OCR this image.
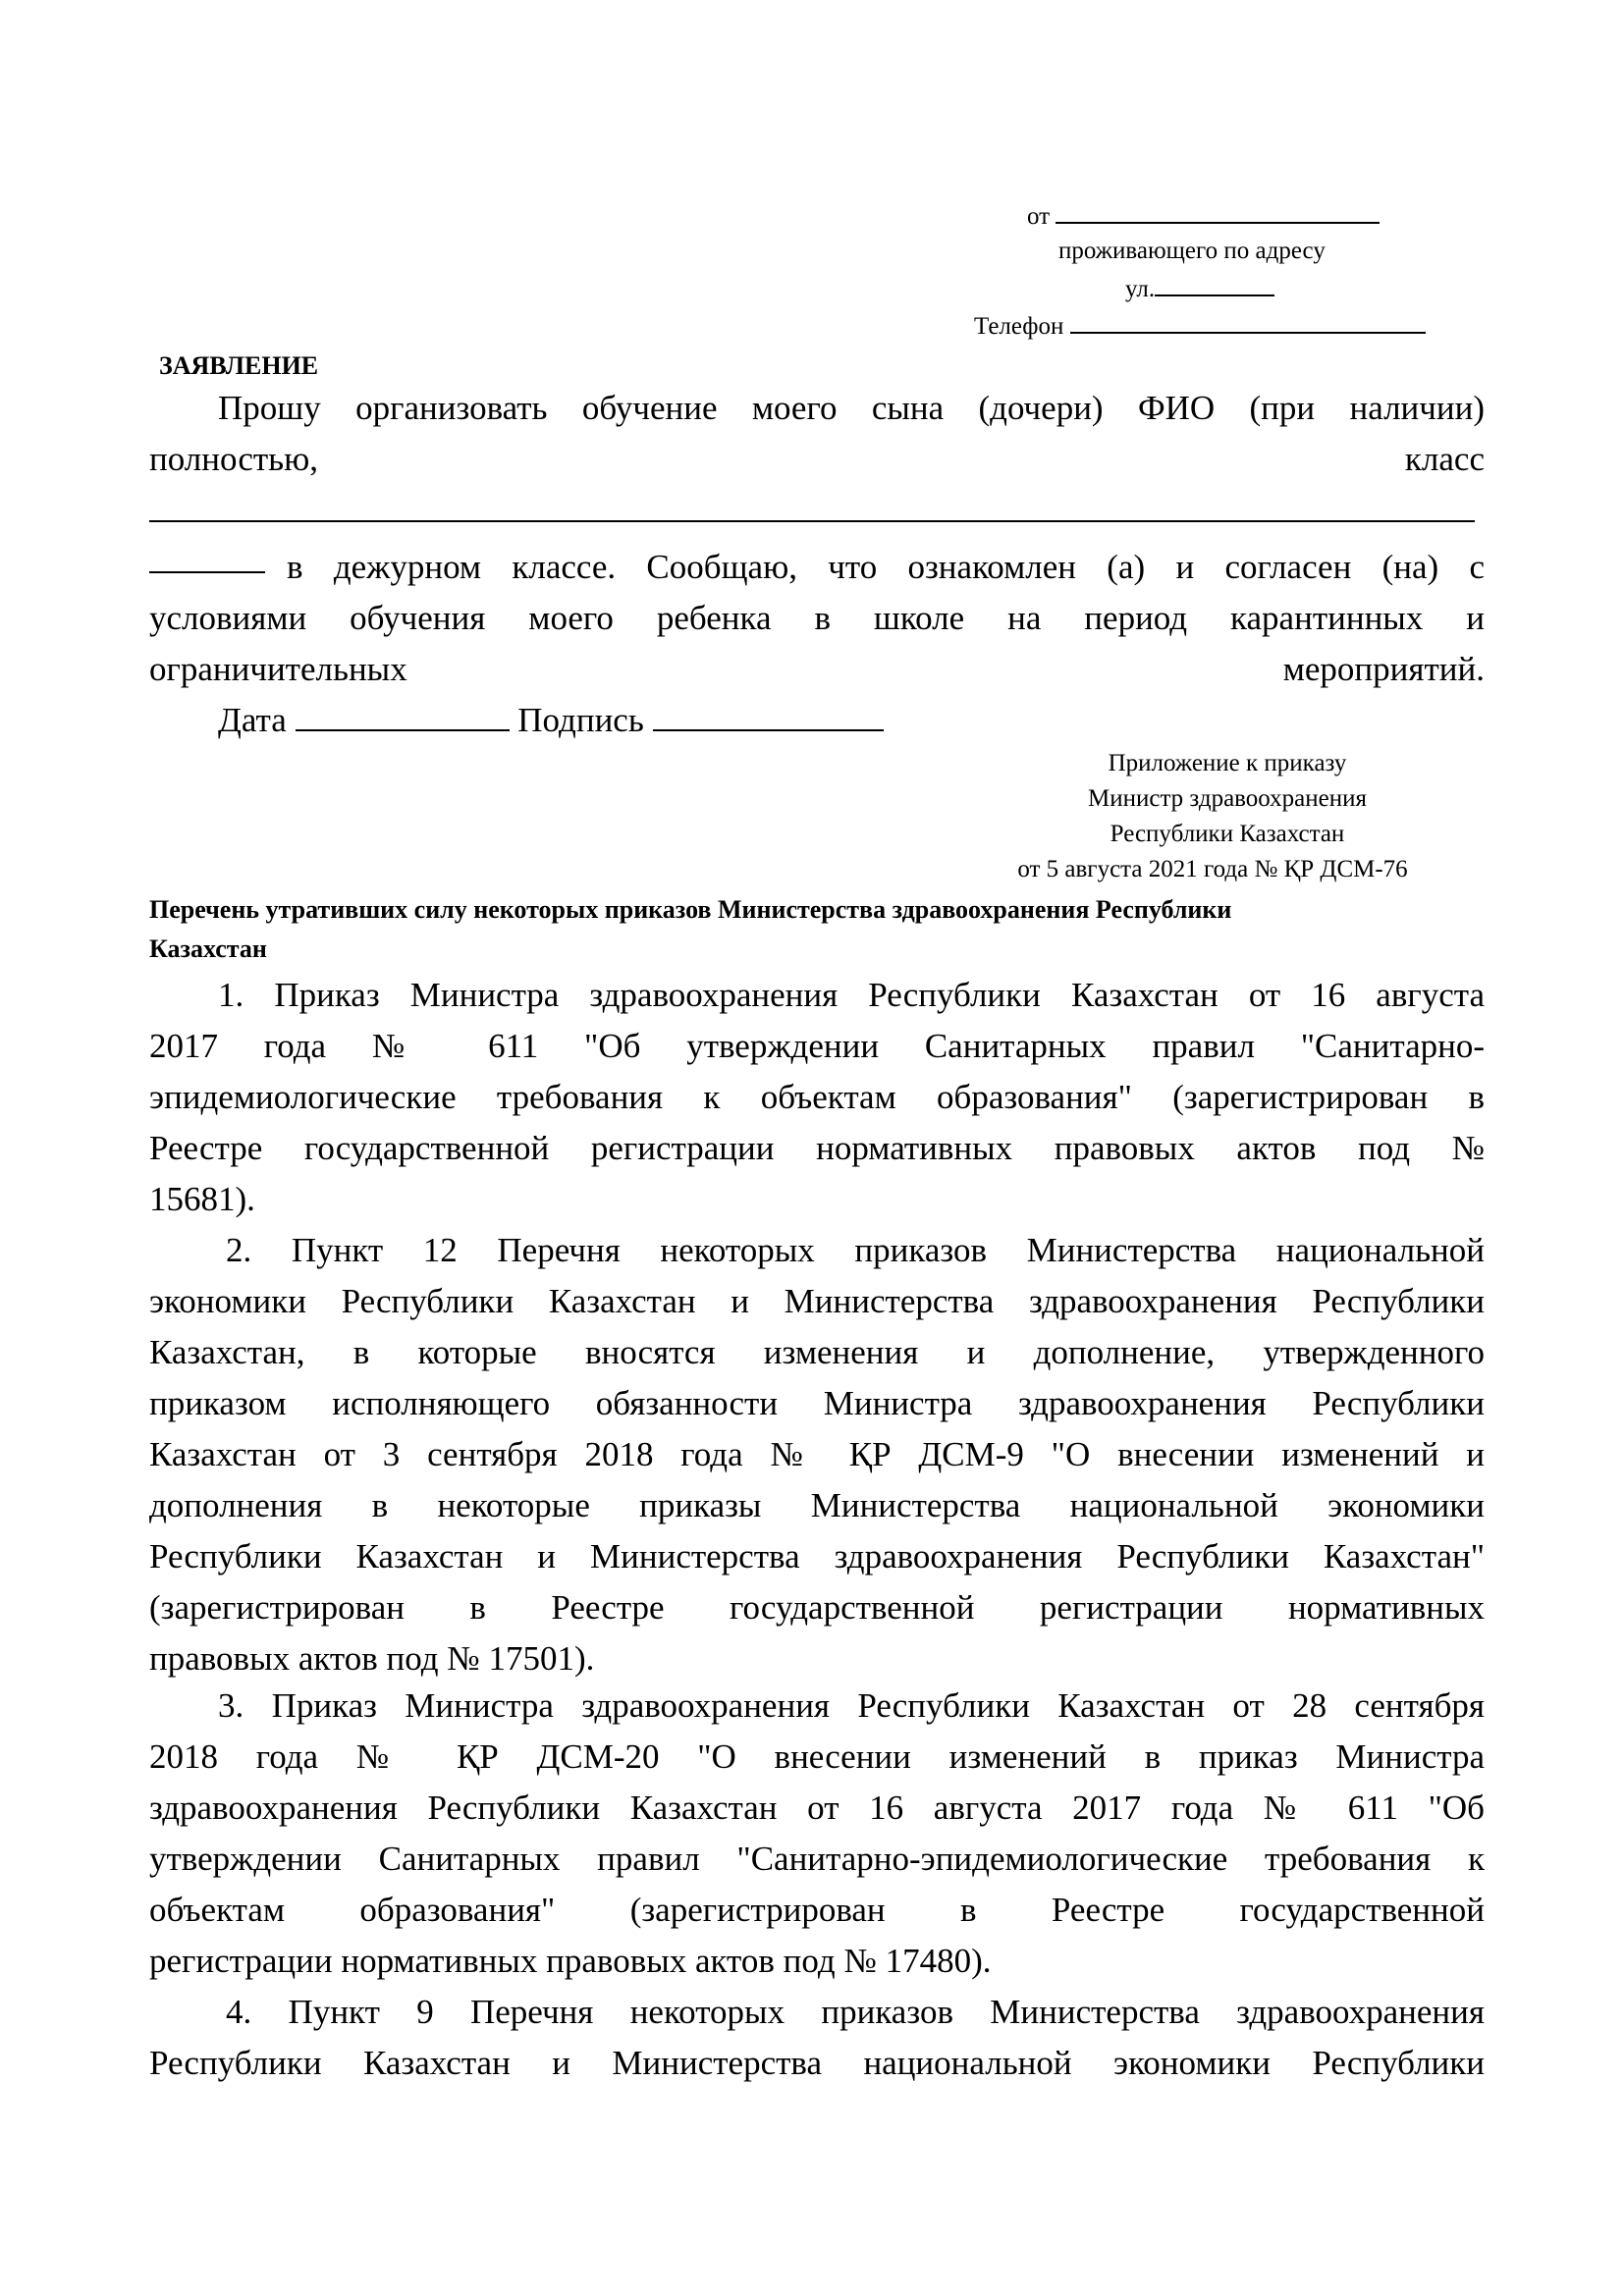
от
проживающего по адресу
ул.
Телефон
ЗАЯВЛЕНИЕ
Прошу организовать обучение моего сына (дочери) ФИО (при наличии)
полностью,	класс
в дежурном классе. Сообщаю, что ознакомлен (а) и согласен (на) с
условиями обучения моего ребенка в школе на период карантинных и
ограничительных	мероприятий.
Дата	Подпись
Приложение к приказу
Министр здравоохранения
Республики Казахстан
от 5 августа 2021 года № ҚР ДСМ-76
Перечень утративших силу некоторых приказов Министерства здравоохранения Республики
Казахстан
1. Приказ Министра здравоохранения Республики Казахстан от 16 августа
2017 года № 611 "Об утверждении Санитарных правил "Санитарно-
эпидемиологические требования к объектам образования" (зарегистрирован в
Реестре государственной регистрации нормативных правовых актов под №
15681).
2. Пункт 12 Перечня некоторых приказов Министерства национальной
экономики Республики Казахстан и Министерства здравоохранения Республики
Казахстан, в которые вносятся изменения и дополнение, утвержденного
приказом исполняющего обязанности Министра здравоохранения Республики
Казахстан от 3 сентября 2018 года № ҚР ДСМ-9 "О внесении изменений и
дополнения в некоторые приказы Министерства национальной экономики
Республики Казахстан и Министерства здравоохранения Республики Казахстан"
(зарегистрирован в Реестре государственной регистрации нормативных
правовых актов под № 17501).
3. Приказ Министра здравоохранения Республики Казахстан от 28 сентября
2018 года № ҚР ДСМ-20 "О внесении изменений в приказ Министра
здравоохранения Республики Казахстан от 16 августа 2017 года № 611 "Об
утверждении Санитарных правил "Санитарно-эпидемиологические требования к
объектам образования" (зарегистрирован в Реестре государственной
регистрации нормативных правовых актов под № 17480).
4. Пункт 9 Перечня некоторых приказов Министерства здравоохранения
Республики Казахстан и Министерства национальной экономики Республики
